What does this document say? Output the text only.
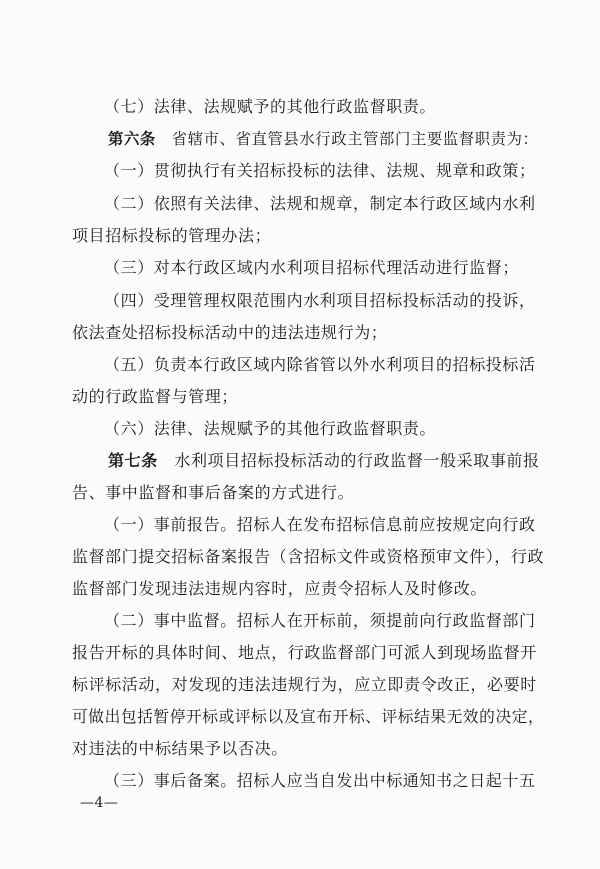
（七）法律、法规赋予的其他行政监督职责。
第六条　省辖市、省直管县水行政主管部门主要监督职责为：
（一）贯彻执行有关招标投标的法律、法规、规章和政策；
（二）依照有关法律、法规和规章，制定本行政区域内水利
项目招标投标的管理办法；
（三）对本行政区域内水利项目招标代理活动进行监督；
（四）受理管理权限范围内水利项目招标投标活动的投诉，
依法查处招标投标活动中的违法违规行为；
（五）负责本行政区域内除省管以外水利项目的招标投标活
动的行政监督与管理；
（六）法律、法规赋予的其他行政监督职责。
第七条　水利项目招标投标活动的行政监督一般采取事前报
告、事中监督和事后备案的方式进行。
（一）事前报告。招标人在发布招标信息前应按规定向行政
监督部门提交招标备案报告（含招标文件或资格预审文件），行政
监督部门发现违法违规内容时，应责令招标人及时修改。
（二）事中监督。招标人在开标前，须提前向行政监督部门
报告开标的具体时间、地点，行政监督部门可派人到现场监督开
标评标活动，对发现的违法违规行为，应立即责令改正，必要时
可做出包括暂停开标或评标以及宣布开标、评标结果无效的决定，
对违法的中标结果予以否决。
（三）事后备案。招标人应当自发出中标通知书之日起十五
—4—
